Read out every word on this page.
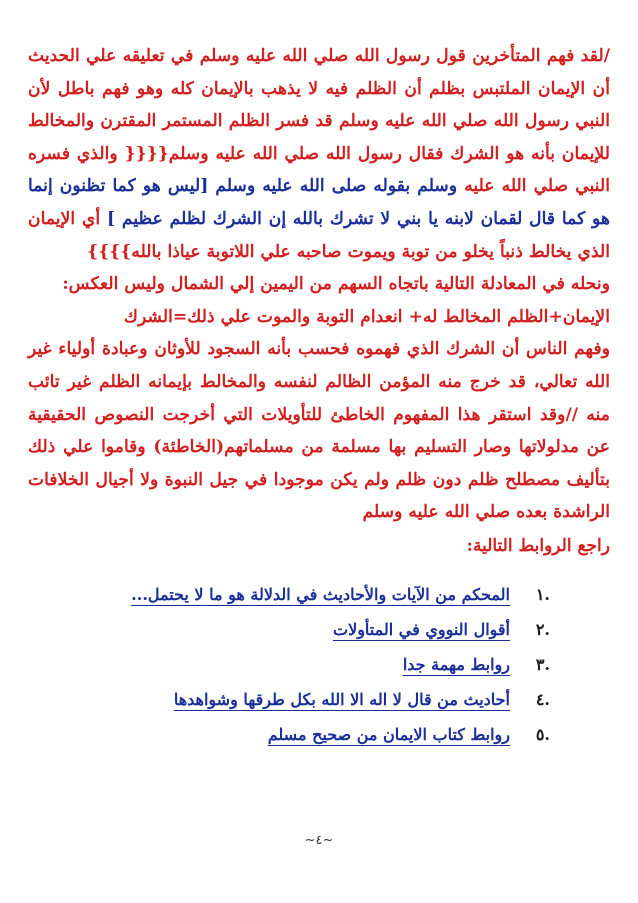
/لقد فهم المتأخرين قول رسول الله صلي الله عليه وسلم في تعليقه علي الحديث أن الإيمان الملتبس بظلم أن الظلم فيه لا يذهب بالإيمان كله وهو فهم باطل لأن النبي رسول الله صلي الله عليه وسلم قد فسر الظلم المستمر المقترن والمخالط للإيمان بأنه هو الشرك فقال رسول الله صلي الله عليه وسلم{{{{ والذي فسره النبي صلي الله عليه وسلم بقوله صلى الله عليه وسلم [ليس هو كما تظنون إنما هو كما قال لقمان لابنه يا بني لا تشرك بالله إن الشرك لظلم عظيم ] أي الإيمان الذي يخالط ذنباً يخلو من توبة ويموت صاحبه علي اللاتوبة عياذا بالله}}}}

ونحله في المعادلة التالية باتجاه السهم من اليمين إلي الشمال وليس العكس:

الإيمان+الظلم المخالط له+ انعدام التوبة والموت علي ذلك=الشرك

وفهم الناس أن الشرك الذي فهموه فحسب بأنه السجود للأوثان وعبادة أولياء غير الله تعالي، قد خرج منه المؤمن الظالم لنفسه والمخالط بإيمانه الظلم غير تائب منه //وقد استقر هذا المفهوم الخاطئ للتأويلات التي أخرجت النصوص الحقيقية عن مدلولاتها وصار التسليم بها مسلمة من مسلماتهم(الخاطئة) وقاموا علي ذلك بتأليف مصطلح ظلم دون ظلم ولم يكن موجودا في جيل النبوة ولا أجيال الخلافات الراشدة بعده صلي الله عليه وسلم

راجع الروابط التالية:

.١
المحكم من الآيات والأحاديث في الدلالة هو ما لا يحتمل...
.٢
أقوال النووي في المتأولات
.٣
روابط مهمة جدا
.٤
أحاديث من قال لا اله الا الله بكل طرقها وشواهدها
.٥
روابط كتاب الايمان من صحيح مسلم
~٤~
